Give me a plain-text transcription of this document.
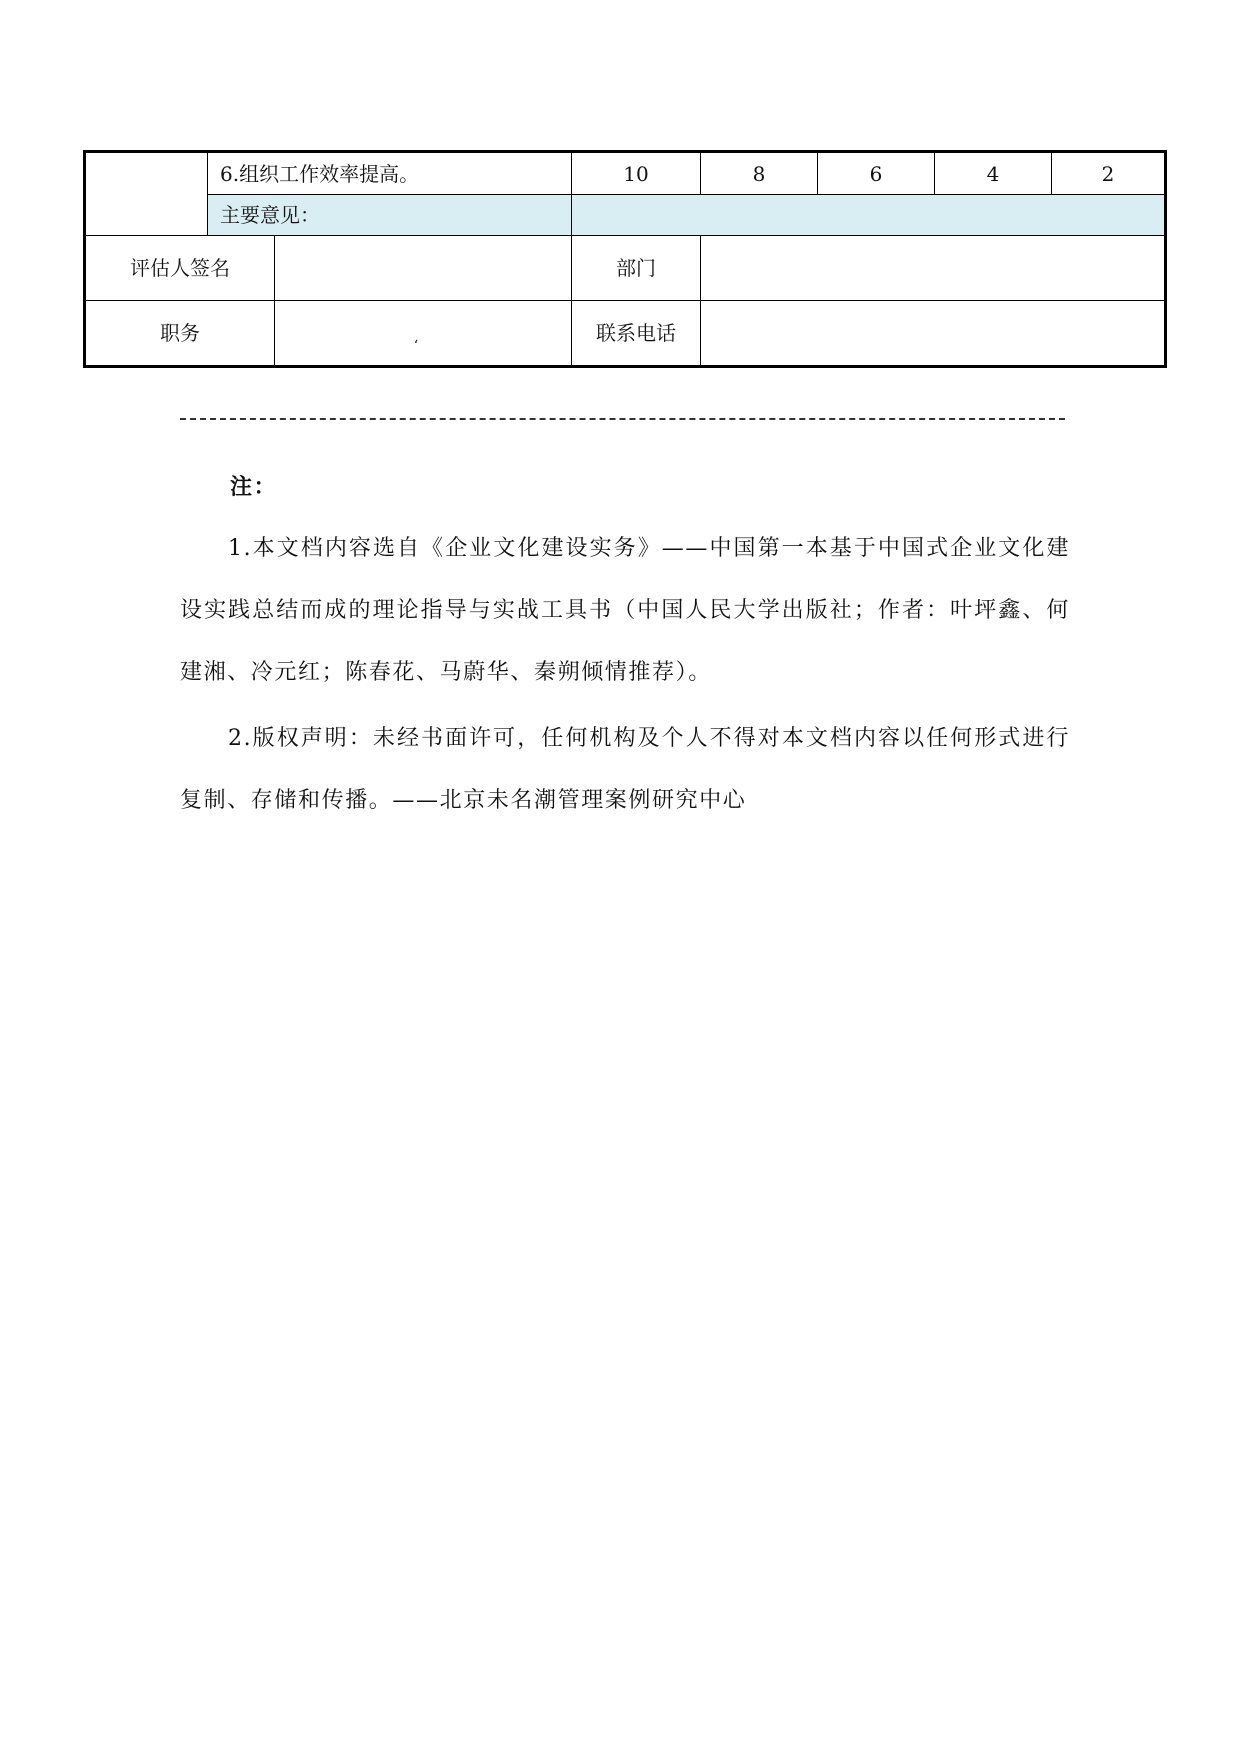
	6.组织工作效率提高。		10	8	6	4	2
	主要意见：						
评估人签名			部门				
职务		‘	联系电话				
注：

1.本文档内容选自《企业文化建设实务》——中国第一本基于中国式企业文化建设实践总结而成的理论指导与实战工具书（中国人民大学出版社；作者：叶坪鑫、何建湘、冷元红；陈春花、马蔚华、秦朔倾情推荐）。

2.版权声明：未经书面许可，任何机构及个人不得对本文档内容以任何形式进行复制、存储和传播。——北京未名潮管理案例研究中心
